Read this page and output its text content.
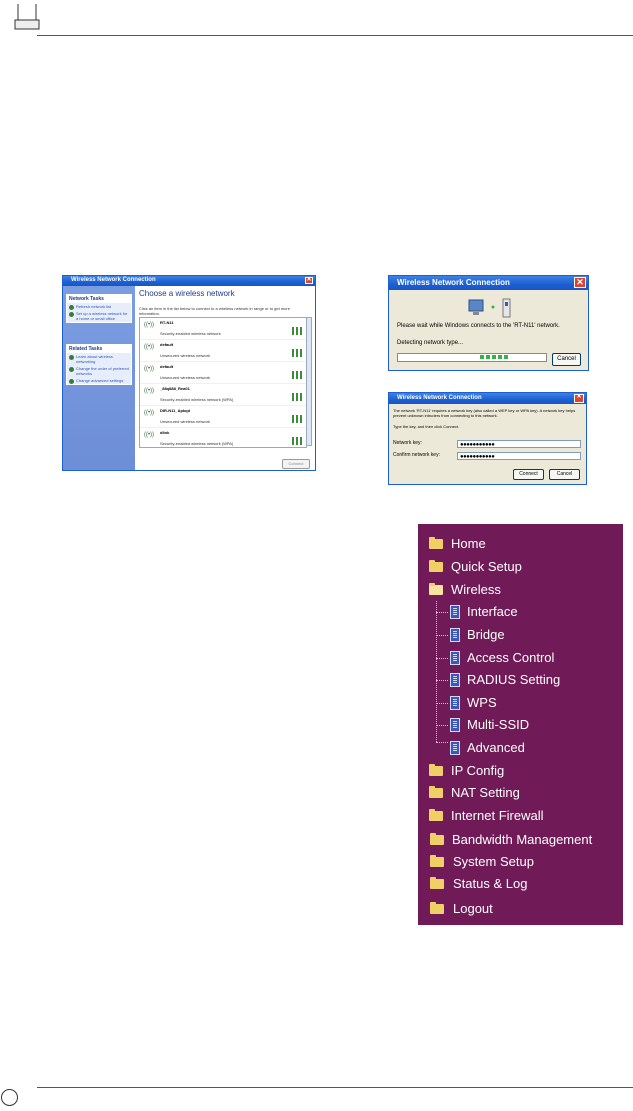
Wireless Network Connection	✕
Network Tasks
Refresh network list
Set up a wireless network for a home or small office
Related Tasks
Learn about wireless networking
Change the order of preferred networks
Change advanced settings
Choose a wireless network
Click an item in the list below to connect to a wireless network in range or to get more information.
((•))	RT-N11
Security-enabled wireless network
((•))	default
Unsecured wireless network
((•))	default
Unsecured wireless network
((•))	_88q888_Rea01
Security-enabled wireless network (WPA)
((•))	DIR-N11_Apkqd
Unsecured wireless network
((•))	dlink
Security-enabled wireless network (WPA)
Connect
Wireless Network Connection	✕
Please wait while Windows connects to the 'RT-N11' network.
Detecting network type...
Cancel
Wireless Network Connection	✕
The network 'RT-N11' requires a network key (also called a WEP key or WPA key). A network key helps prevent unknown intruders from connecting to this network.
Type the key, and then click Connect.
Network key:	●●●●●●●●●●●
Confirm network key:	●●●●●●●●●●●
Connect	Cancel
Home
Quick Setup
Wireless
Interface
Bridge
Access Control
RADIUS Setting
WPS
Multi-SSID
Advanced
IP Config
NAT Setting
Internet Firewall
Bandwidth Management
System Setup
Status & Log
Logout
